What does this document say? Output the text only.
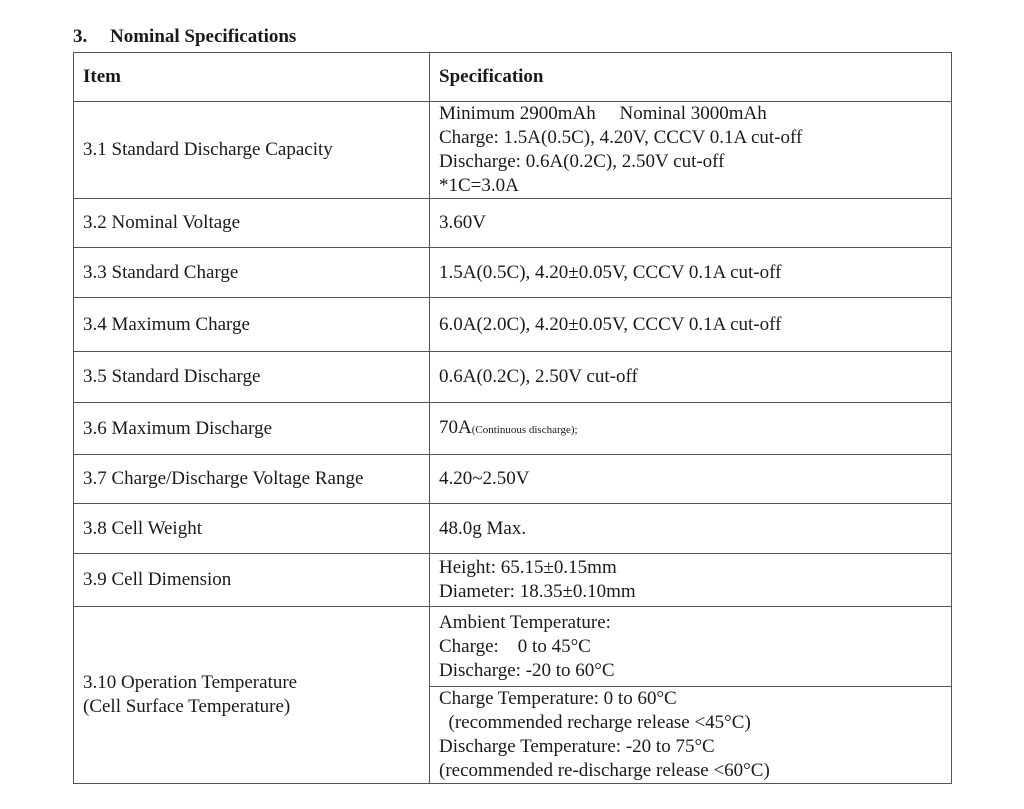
3. Nominal Specifications
Item	Specification
3.1 Standard Discharge Capacity	Minimum 2900mAh     Nominal 3000mAh
Charge: 1.5A(0.5C), 4.20V, CCCV 0.1A cut-off
Discharge: 0.6A(0.2C), 2.50V cut-off
*1C=3.0A

3.2 Nominal Voltage	3.60V
3.3 Standard Charge	1.5A(0.5C), 4.20±0.05V, CCCV 0.1A cut-off
3.4 Maximum Charge	6.0A(2.0C), 4.20±0.05V, CCCV 0.1A cut-off
3.5 Standard Discharge	0.6A(0.2C), 2.50V cut-off
3.6 Maximum Discharge	70A(Continuous discharge);
3.7 Charge/Discharge Voltage Range	4.20~2.50V
3.8 Cell Weight	48.0g Max.
3.9 Cell Dimension	Height: 65.15±0.15mm
Diameter: 18.35±0.10mm

3.10 Operation Temperature
(Cell Surface Temperature)	Ambient Temperature:
Charge:    0 to 45°C
Discharge: -20 to 60°C

	Charge Temperature: 0 to 60°C
(recommended recharge release <45°C)
Discharge Temperature: -20 to 75°C
(recommended re-discharge release <60°C)
